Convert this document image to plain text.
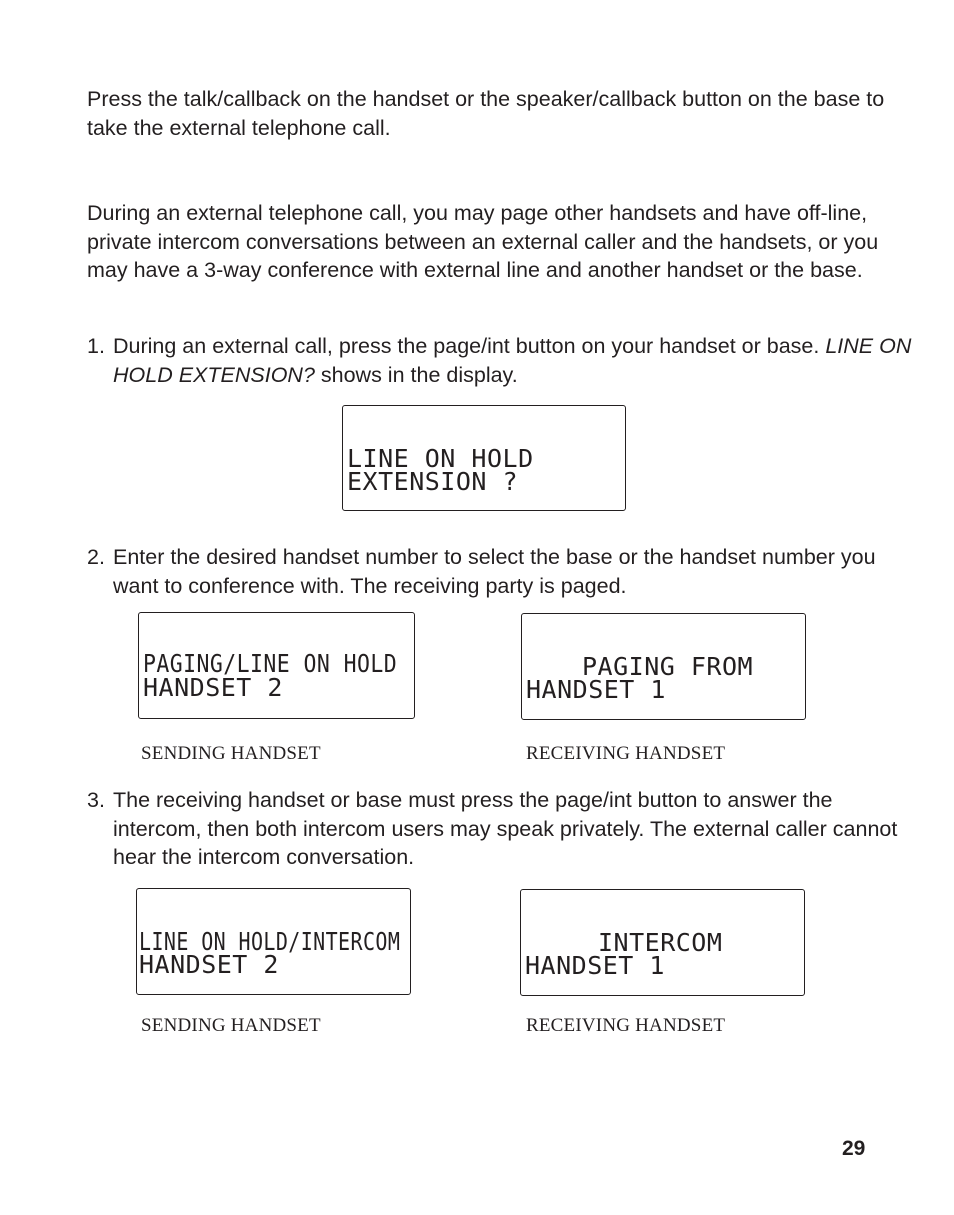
Press the talk/callback on the handset or the speaker/callback button on the base to take the external telephone call.

During an external telephone call, you may page other handsets and have off-line, private intercom conversations between an external caller and the handsets, or you may have a 3-way conference with external line and another handset or the base.

1. During an external call, press the page/int button on your handset or base. LINE ON HOLD EXTENSION? shows in the display.

LINE ON HOLD
EXTENSION ?

2. Enter the desired handset number to select the base or the handset number you want to conference with. The receiving party is paged.

PAGING/LINE ON HOLD
HANDSET 2
PAGING FROM
HANDSET 1
SENDING HANDSET	RECEIVING HANDSET

3. The receiving handset or base must press the page/int button to answer the intercom, then both intercom users may speak privately. The external caller cannot hear the intercom conversation.

LINE ON HOLD/INTERCOM
HANDSET 2
INTERCOM
HANDSET 1
SENDING HANDSET	RECEIVING HANDSET
29
